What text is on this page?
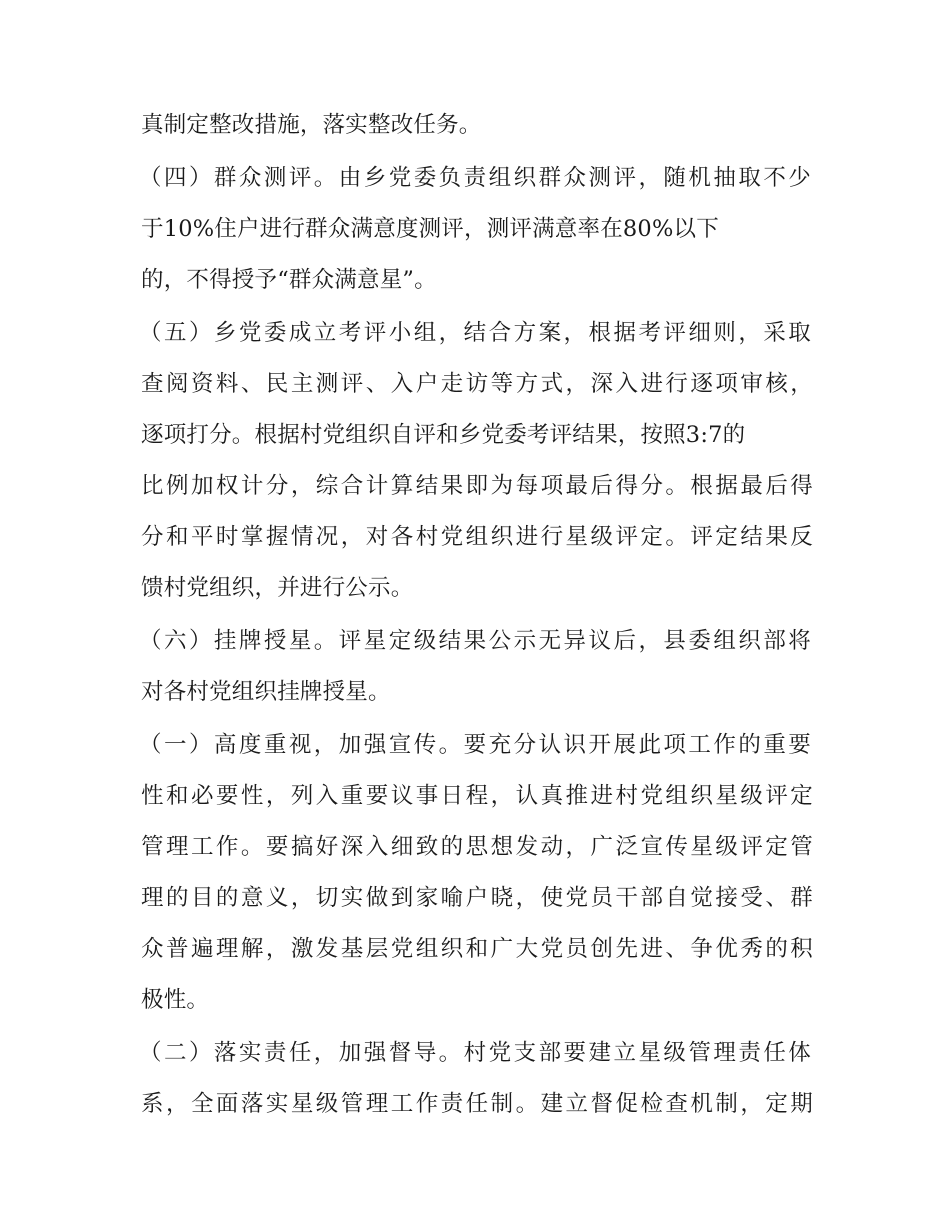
真制定整改措施，落实整改任务。
（四）群众测评。由乡党委负责组织群众测评，随机抽取不少
于10%住户进行群众满意度测评，测评满意率在80%以下
的，不得授予“群众满意星”。
（五）乡党委成立考评小组，结合方案，根据考评细则，采取
查阅资料、民主测评、入户走访等方式，深入进行逐项审核，
逐项打分。根据村党组织自评和乡党委考评结果，按照3:7的
比例加权计分，综合计算结果即为每项最后得分。根据最后得
分和平时掌握情况，对各村党组织进行星级评定。评定结果反
馈村党组织，并进行公示。
（六）挂牌授星。评星定级结果公示无异议后，县委组织部将
对各村党组织挂牌授星。
（一）高度重视，加强宣传。要充分认识开展此项工作的重要
性和必要性，列入重要议事日程，认真推进村党组织星级评定
管理工作。要搞好深入细致的思想发动，广泛宣传星级评定管
理的目的意义，切实做到家喻户晓，使党员干部自觉接受、群
众普遍理解，激发基层党组织和广大党员创先进、争优秀的积
极性。
（二）落实责任，加强督导。村党支部要建立星级管理责任体
系，全面落实星级管理工作责任制。建立督促检查机制，定期
